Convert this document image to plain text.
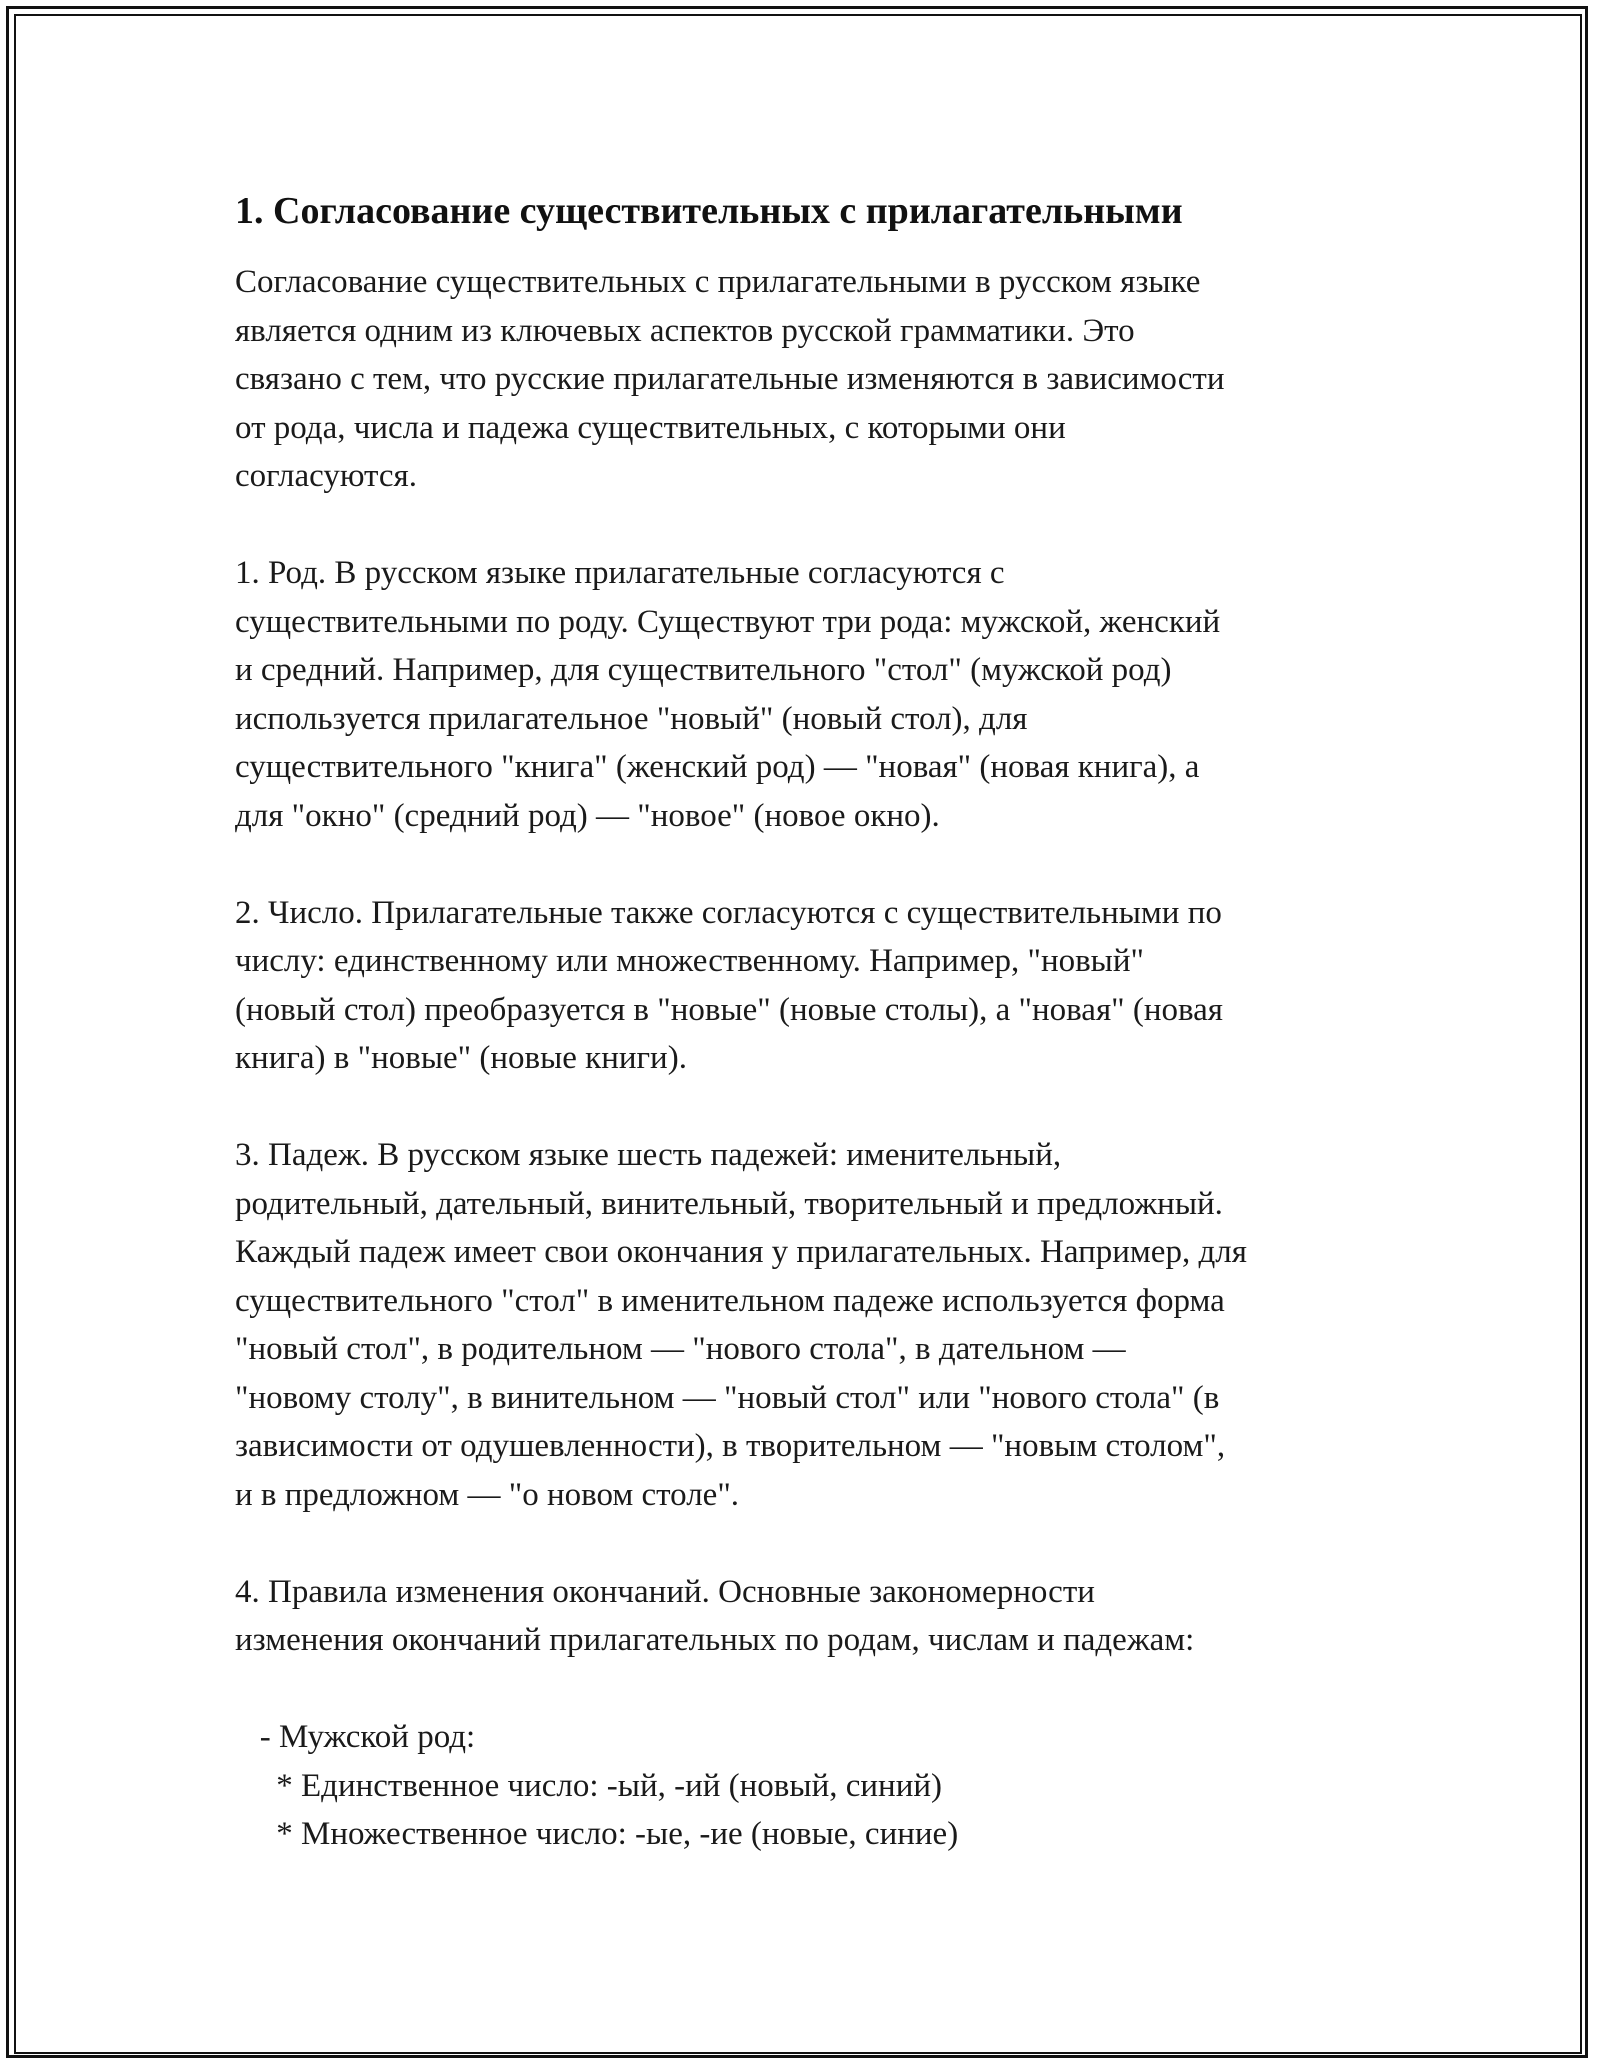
1. Согласование существительных с прилагательными

Согласование существительных с прилагательными в русском языке
является одним из ключевых аспектов русской грамматики. Это
связано с тем, что русские прилагательные изменяются в зависимости
от рода, числа и падежа существительных, с которыми они
согласуются.

1. Род. В русском языке прилагательные согласуются с
существительными по роду. Существуют три рода: мужской, женский
и средний. Например, для существительного "стол" (мужской род)
используется прилагательное "новый" (новый стол), для
существительного "книга" (женский род) — "новая" (новая книга), а
для "окно" (средний род) — "новое" (новое окно).

2. Число. Прилагательные также согласуются с существительными по
числу: единственному или множественному. Например, "новый"
(новый стол) преобразуется в "новые" (новые столы), а "новая" (новая
книга) в "новые" (новые книги).

3. Падеж. В русском языке шесть падежей: именительный,
родительный, дательный, винительный, творительный и предложный.
Каждый падеж имеет свои окончания у прилагательных. Например, для
существительного "стол" в именительном падеже используется форма
"новый стол", в родительном — "нового стола", в дательном —
"новому столу", в винительном — "новый стол" или "нового стола" (в
зависимости от одушевленности), в творительном — "новым столом",
и в предложном — "о новом столе".

4. Правила изменения окончаний. Основные закономерности
изменения окончаний прилагательных по родам, числам и падежам:

- Мужской род:
* Единственное число: -ый, -ий (новый, синий)
* Множественное число: -ые, -ие (новые, синие)
